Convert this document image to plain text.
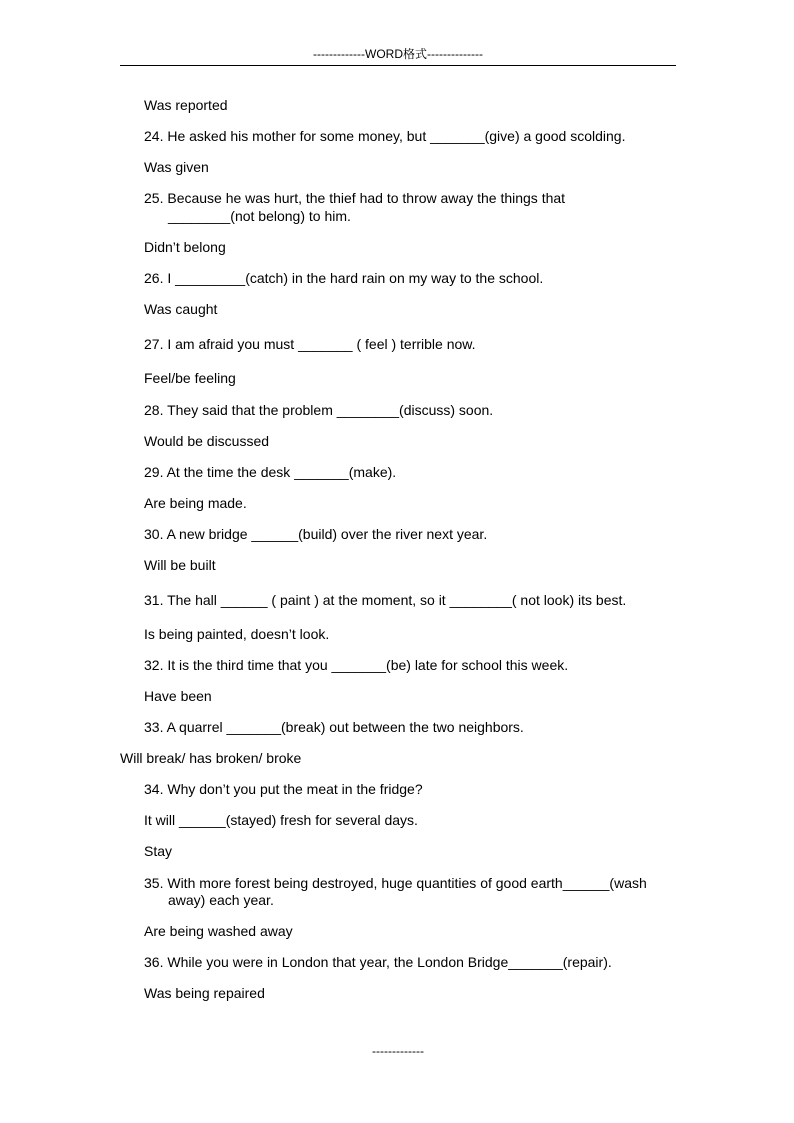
-------------WORD格式--------------
Was reported
24. He asked his mother for some money, but _______(give) a good scolding.
Was given
25. Because he was hurt, the thief had to throw away the things that
________(not belong) to him.
Didn’t belong
26. I _________(catch) in the hard rain on my way to the school.
Was caught
27. I am afraid you must _______ ( feel ) terrible now.
Feel/be feeling
28. They said that the problem ________(discuss) soon.
Would be discussed
29. At the time the desk _______(make).
Are being made.
30. A new bridge ______(build) over the river next year.
Will be built
31. The hall ______ ( paint ) at the moment, so it ________( not look) its best.
Is being painted, doesn’t look.
32. It is the third time that you _______(be) late for school this week.
Have been
33. A quarrel _______(break) out between the two neighbors.
Will break/ has broken/ broke
34. Why don’t you put the meat in the fridge?
It will ______(stayed) fresh for several days.
Stay
35. With more forest being destroyed, huge quantities of good earth______(wash
away) each year.
Are being washed away
36. While you were in London that year, the London Bridge_______(repair).
Was being repaired
-------------
